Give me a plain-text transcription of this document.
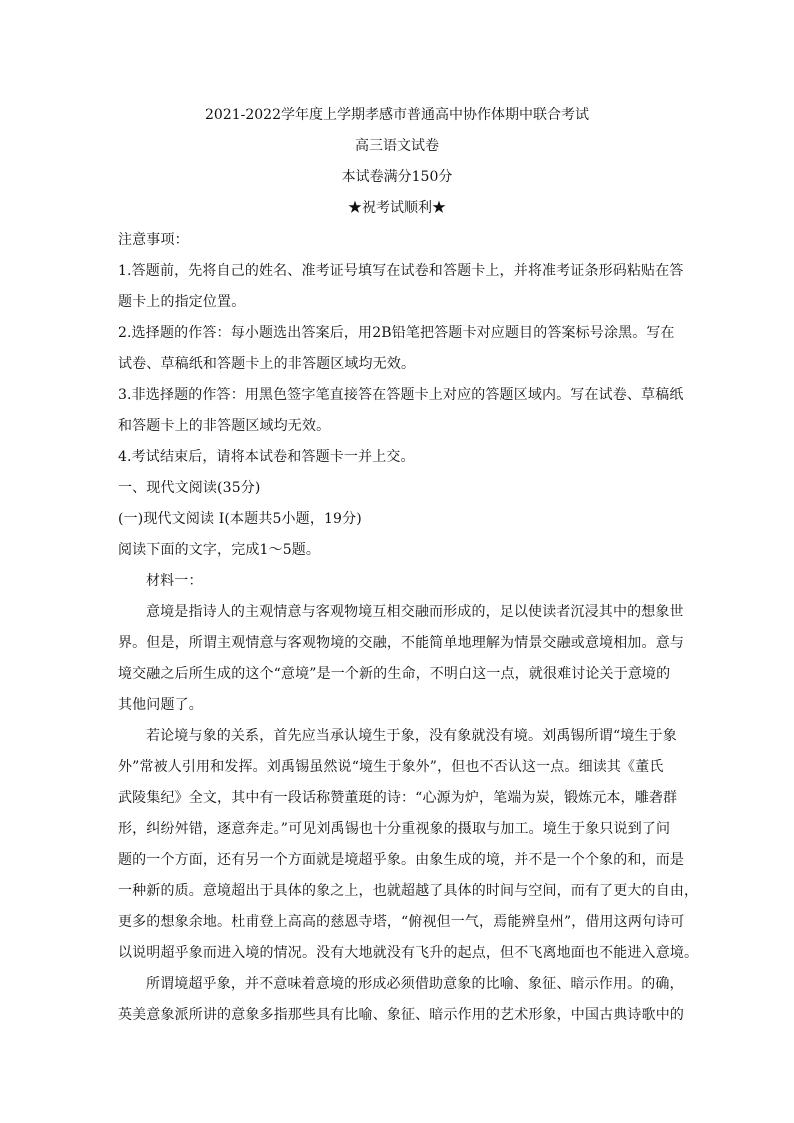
2021-2022学年度上学期孝感市普通高中协作体期中联合考试
高三语文试卷
本试卷满分150分
★祝考试顺利★
注意事项：
1.答题前，先将自己的姓名、准考证号填写在试卷和答题卡上，并将准考证条形码粘贴在答
题卡上的指定位置。
2.选择题的作答：每小题选出答案后，用2B铅笔把答题卡对应题目的答案标号涂黑。写在
试卷、草稿纸和答题卡上的非答题区域均无效。
3.非选择题的作答：用黑色签字笔直接答在答题卡上对应的答题区域内。写在试卷、草稿纸
和答题卡上的非答题区域均无效。
4.考试结束后，请将本试卷和答题卡一并上交。
一、现代文阅读(35分)
(一)现代文阅读 I(本题共5小题，19分)
阅读下面的文字，完成1～5题。
材料一：
意境是指诗人的主观情意与客观物境互相交融而形成的，足以使读者沉浸其中的想象世
界。但是，所谓主观情意与客观物境的交融，不能简单地理解为情景交融或意境相加。意与
境交融之后所生成的这个“意境”是一个新的生命，不明白这一点，就很难讨论关于意境的
其他问题了。
若论境与象的关系，首先应当承认境生于象，没有象就没有境。刘禹锡所谓“境生于象
外”常被人引用和发挥。刘禹锡虽然说“境生于象外”，但也不否认这一点。细读其《董氏
武陵集纪》全文，其中有一段话称赞董珽的诗：“心源为炉，笔端为炭，锻炼元本，雕砻群
形，纠纷舛错，逐意奔走。”可见刘禹锡也十分重视象的摄取与加工。境生于象只说到了问
题的一个方面，还有另一个方面就是境超乎象。由象生成的境，并不是一个个象的和，而是
一种新的质。意境超出于具体的象之上，也就超越了具体的时间与空间，而有了更大的自由，
更多的想象余地。杜甫登上高高的慈恩寺塔，“俯视但一气，焉能辨皇州”，借用这两句诗可
以说明超乎象而进入境的情况。没有大地就没有飞升的起点，但不飞离地面也不能进入意境。
所谓境超乎象，并不意味着意境的形成必须借助意象的比喻、象征、暗示作用。的确，
英美意象派所讲的意象多指那些具有比喻、象征、暗示作用的艺术形象，中国古典诗歌中的
